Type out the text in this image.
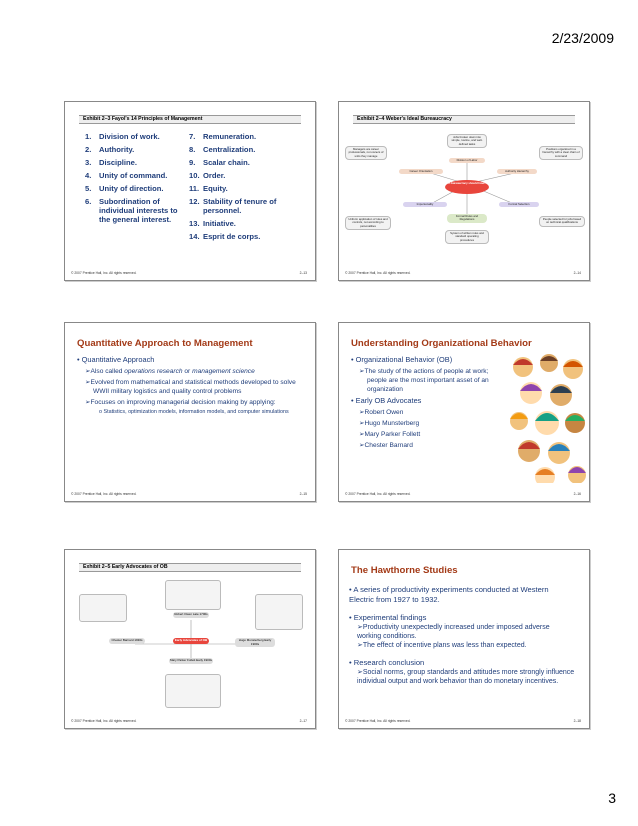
2/23/2009
Exhibit 2–3 Fayol's 14 Principles of Management
1.	Division of work.
2.	Authority.
3.	Discipline.
4.	Unity of command.
5.	Unity of direction.
6.	Subordination of individual interests to the general interest.
7.	Remuneration.
8.	Centralization.
9.	Scalar chain.
10. Order.
11. Equity.
12. Stability of tenure of personnel.
13. Initiative.
14. Esprit de corps.
© 2007 Prentice Hall, Inc. All rights reserved.	2–13
Exhibit 2–4 Weber's Ideal Bureaucracy
Jobs broken down into simple, routine, and well-defined tasks
Division of Labor
Managers are career professionals, not owners of units they manage
Career Orientation
Positions organized in a hierarchy with a clear chain of command
Authority Hierarchy
A bureaucracy should have:
Impersonality
Uniform application of rules and controls, not according to personalities
Formal Selection
People selected for jobs based on technical qualifications
Formal Rules and Regulations
System of written rules and standard operating procedures
© 2007 Prentice Hall, Inc. All rights reserved.	2–14
Quantitative Approach to Management
• Quantitative Approach
➢ Also called operations research or management science
➢ Evolved from mathematical and statistical methods developed to solve WWII military logistics and quality control problems
➢ Focuses on improving managerial decision making by applying:
o Statistics, optimization models, information models, and computer simulations
© 2007 Prentice Hall, Inc. All rights reserved.	2–15
Understanding Organizational Behavior
• Organizational Behavior (OB)
➢ The study of the actions of people at work; people are the most important asset of an organization
• Early OB Advocates
➢ Robert Owen
➢ Hugo Munsterberg
➢ Mary Parker Follett
➢ Chester Barnard
© 2007 Prentice Hall, Inc. All rights reserved.	2–16
Exhibit 2–5 Early Advocates of OB
Robert Owen Late 1700s
Chester Barnard 1930s	Early Advocates of OB	Hugo Munsterberg Early 1900s
Mary Parker Follett Early 1900s
© 2007 Prentice Hall, Inc. All rights reserved.	2–17
The Hawthorne Studies
• A series of productivity experiments conducted at Western Electric from 1927 to 1932.
• Experimental findings
➢ Productivity unexpectedly increased under imposed adverse working conditions.
➢ The effect of incentive plans was less than expected.
• Research conclusion
➢ Social norms, group standards and attitudes more strongly influence individual output and work behavior than do monetary incentives.
© 2007 Prentice Hall, Inc. All rights reserved.	2–18
3
